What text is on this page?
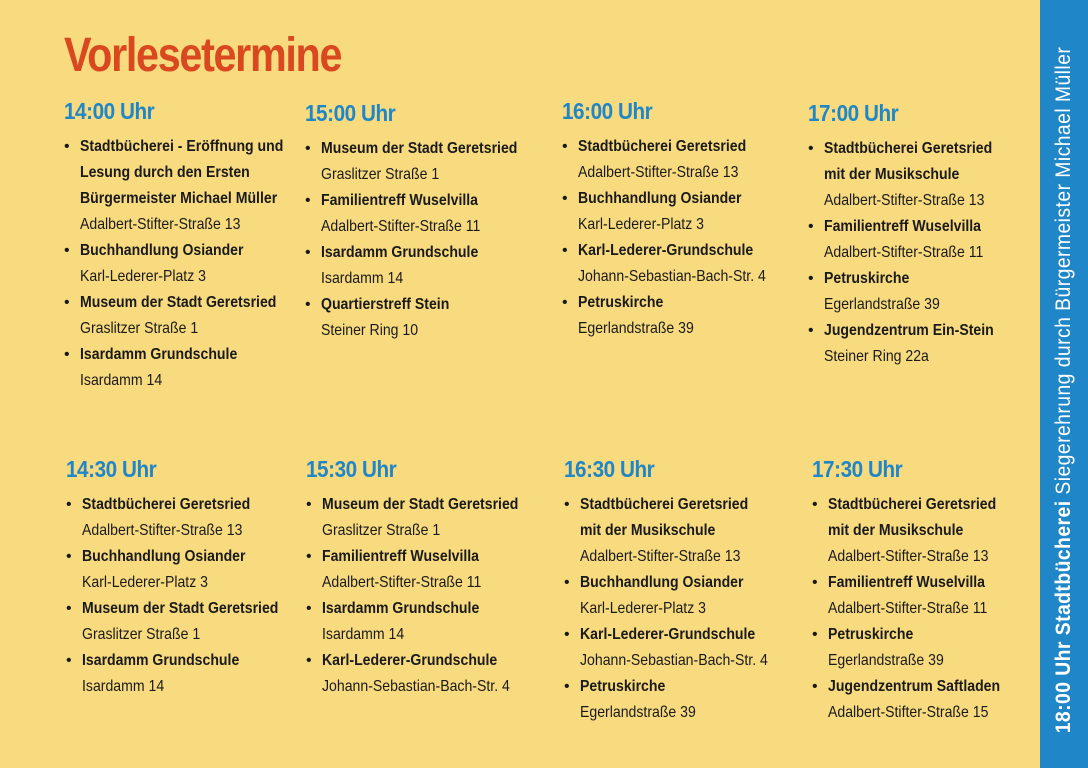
Vorlesetermine
14:00 Uhr
• Stadtbücherei - Eröffnung und Lesung durch den Ersten Bürgermeister Michael Müller
Adalbert-Stifter-Straße 13
• Buchhandlung Osiander
Karl-Lederer-Platz 3
• Museum der Stadt Geretsried
Graslitzer Straße 1
• Isardamm Grundschule
Isardamm 14
15:00 Uhr
• Museum der Stadt Geretsried
Graslitzer Straße 1
• Familientreff Wuselvilla
Adalbert-Stifter-Straße 11
• Isardamm Grundschule
Isardamm 14
• Quartierstreff Stein
Steiner Ring 10
16:00 Uhr
• Stadtbücherei Geretsried
Adalbert-Stifter-Straße 13
• Buchhandlung Osiander
Karl-Lederer-Platz 3
• Karl-Lederer-Grundschule
Johann-Sebastian-Bach-Str. 4
• Petruskirche
Egerlandstraße 39
17:00 Uhr
• Stadtbücherei Geretsried mit der Musikschule
Adalbert-Stifter-Straße 13
• Familientreff Wuselvilla
Adalbert-Stifter-Straße 11
• Petruskirche
Egerlandstraße 39
• Jugendzentrum Ein-Stein
Steiner Ring 22a
14:30 Uhr
• Stadtbücherei Geretsried
Adalbert-Stifter-Straße 13
• Buchhandlung Osiander
Karl-Lederer-Platz 3
• Museum der Stadt Geretsried
Graslitzer Straße 1
• Isardamm Grundschule
Isardamm 14
15:30 Uhr
• Museum der Stadt Geretsried
Graslitzer Straße 1
• Familientreff Wuselvilla
Adalbert-Stifter-Straße 11
• Isardamm Grundschule
Isardamm 14
• Karl-Lederer-Grundschule
Johann-Sebastian-Bach-Str. 4
16:30 Uhr
• Stadtbücherei Geretsried mit der Musikschule
Adalbert-Stifter-Straße 13
• Buchhandlung Osiander
Karl-Lederer-Platz 3
• Karl-Lederer-Grundschule
Johann-Sebastian-Bach-Str. 4
• Petruskirche
Egerlandstraße 39
17:30 Uhr
• Stadtbücherei Geretsried mit der Musikschule
Adalbert-Stifter-Straße 13
• Familientreff Wuselvilla
Adalbert-Stifter-Straße 11
• Petruskirche
Egerlandstraße 39
• Jugendzentrum Saftladen
Adalbert-Stifter-Straße 15	18:00 Uhr Stadtbücherei Siegerehrung durch Bürgermeister Michael Müller
